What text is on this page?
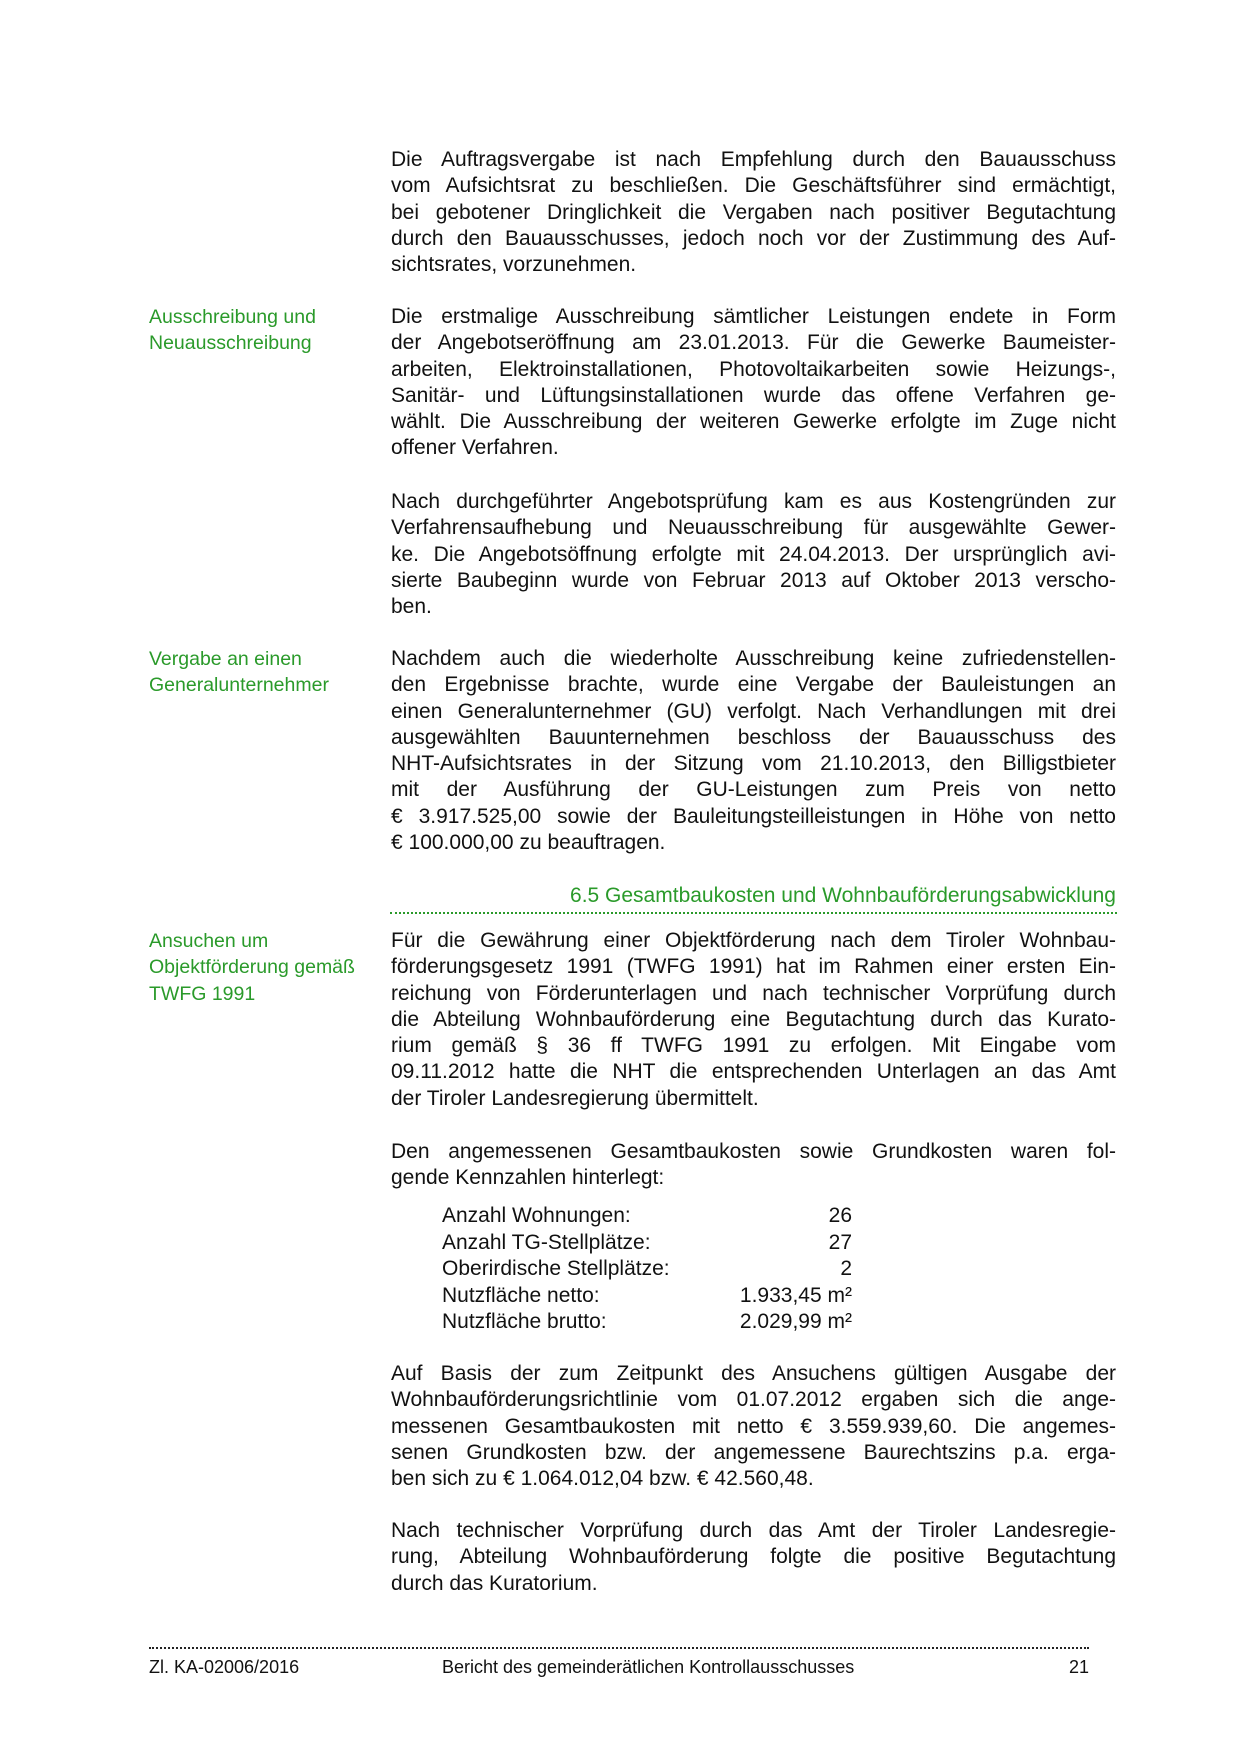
Die Auftragsvergabe ist nach Empfehlung durch den Bauausschuss
vom Aufsichtsrat zu beschließen. Die Geschäftsführer sind ermächtigt,
bei gebotener Dringlichkeit die Vergaben nach positiver Begutachtung
durch den Bauausschusses, jedoch noch vor der Zustimmung des Auf-
sichtsrates, vorzunehmen.
Ausschreibung und
Neuausschreibung
Die erstmalige Ausschreibung sämtlicher Leistungen endete in Form
der Angebotseröffnung am 23.01.2013. Für die Gewerke Baumeister-
arbeiten, Elektroinstallationen, Photovoltaikarbeiten sowie Heizungs-,
Sanitär- und Lüftungsinstallationen wurde das offene Verfahren ge-
wählt. Die Ausschreibung der weiteren Gewerke erfolgte im Zuge nicht
offener Verfahren.
Nach durchgeführter Angebotsprüfung kam es aus Kostengründen zur
Verfahrensaufhebung und Neuausschreibung für ausgewählte Gewer-
ke. Die Angebotsöffnung erfolgte mit 24.04.2013. Der ursprünglich avi-
sierte Baubeginn wurde von Februar 2013 auf Oktober 2013 verscho-
ben.
Vergabe an einen
Generalunternehmer
Nachdem auch die wiederholte Ausschreibung keine zufriedenstellen-
den Ergebnisse brachte, wurde eine Vergabe der Bauleistungen an
einen Generalunternehmer (GU) verfolgt. Nach Verhandlungen mit drei
ausgewählten Bauunternehmen beschloss der Bauausschuss des
NHT-Aufsichtsrates in der Sitzung vom 21.10.2013, den Billigstbieter
mit der Ausführung der GU-Leistungen zum Preis von netto
€ 3.917.525,00 sowie der Bauleitungsteilleistungen in Höhe von netto
€ 100.000,00 zu beauftragen.
6.5 Gesamtbaukosten und Wohnbauförderungsabwicklung
Ansuchen um
Objektförderung gemäß
TWFG 1991
Für die Gewährung einer Objektförderung nach dem Tiroler Wohnbau-
förderungsgesetz 1991 (TWFG 1991) hat im Rahmen einer ersten Ein-
reichung von Förderunterlagen und nach technischer Vorprüfung durch
die Abteilung Wohnbauförderung eine Begutachtung durch das Kurato-
rium gemäß § 36 ff TWFG 1991 zu erfolgen. Mit Eingabe vom
09.11.2012 hatte die NHT die entsprechenden Unterlagen an das Amt
der Tiroler Landesregierung übermittelt.
Den angemessenen Gesamtbaukosten sowie Grundkosten waren fol-
gende Kennzahlen hinterlegt:
Anzahl Wohnungen:	26
Anzahl TG-Stellplätze:	27
Oberirdische Stellplätze:	2
Nutzfläche netto:	1.933,45 m²
Nutzfläche brutto:	2.029,99 m²
Auf Basis der zum Zeitpunkt des Ansuchens gültigen Ausgabe der
Wohnbauförderungsrichtlinie vom 01.07.2012 ergaben sich die ange-
messenen Gesamtbaukosten mit netto € 3.559.939,60. Die angemes-
senen Grundkosten bzw. der angemessene Baurechtszins p.a. erga-
ben sich zu € 1.064.012,04 bzw. € 42.560,48.
Nach technischer Vorprüfung durch das Amt der Tiroler Landesregie-
rung, Abteilung Wohnbauförderung folgte die positive Begutachtung
durch das Kuratorium.
Zl. KA-02006/2016	Bericht des gemeinderätlichen Kontrollausschusses	21
